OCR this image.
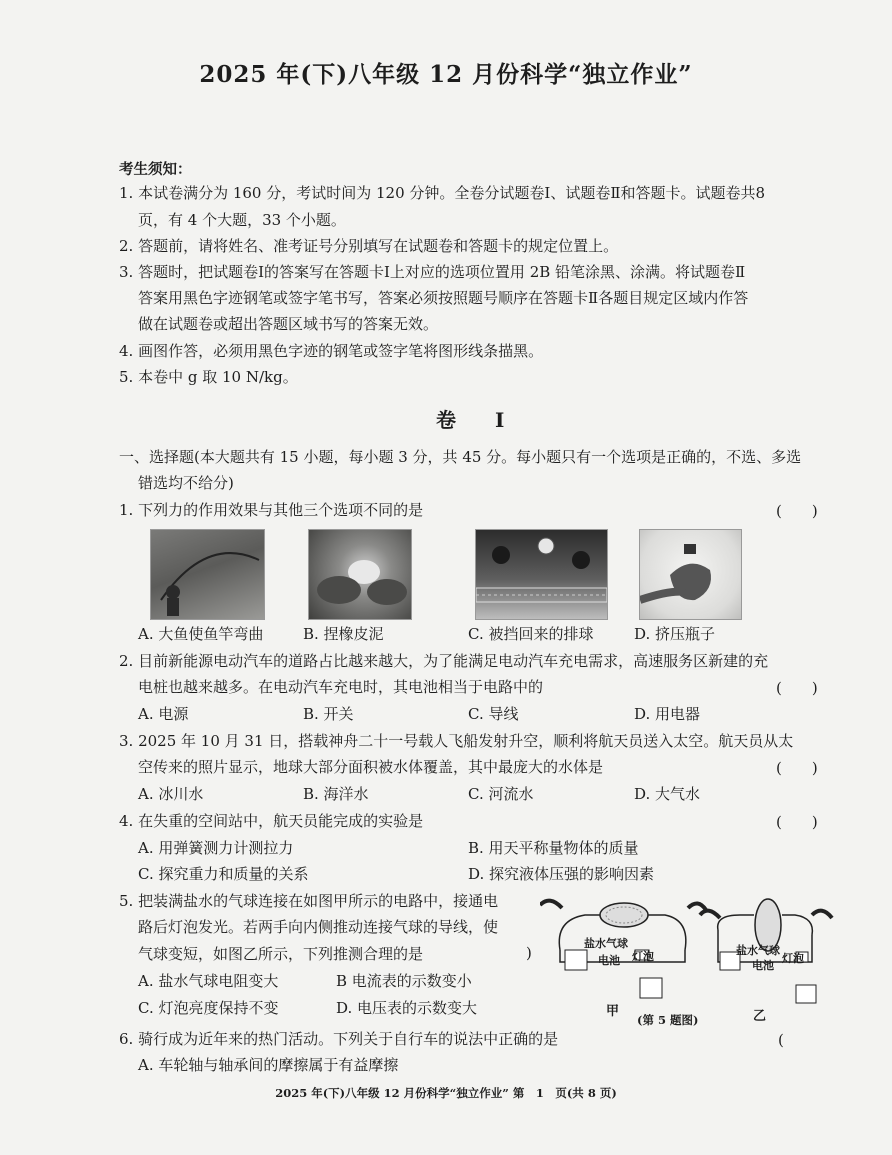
2025 年(下)八年级 12 月份科学“独立作业”
考生须知：
1. 本试卷满分为 160 分，考试时间为 120 分钟。全卷分试题卷Ⅰ、试题卷Ⅱ和答题卡。试题卷共8
页，有 4 个大题，33 个小题。
2. 答题前，请将姓名、准考证号分别填写在试题卷和答题卡的规定位置上。
3. 答题时，把试题卷Ⅰ的答案写在答题卡Ⅰ上对应的选项位置用 2B 铅笔涂黑、涂满。将试题卷Ⅱ
答案用黑色字迹钢笔或签字笔书写，答案必须按照题号顺序在答题卡Ⅱ各题目规定区域内作答
做在试题卷或超出答题区域书写的答案无效。
4. 画图作答，必须用黑色字迹的钢笔或签字笔将图形线条描黑。
5. 本卷中 g 取 10 N/kg。
卷 Ⅰ
一、选择题(本大题共有 15 小题，每小题 3 分，共 45 分。每小题只有一个选项是正确的，不选、多选
错选均不给分)
1. 下列力的作用效果与其他三个选项不同的是	(　　)
A. 大鱼使鱼竿弯曲	B. 捏橡皮泥	C. 被挡回来的排球	D. 挤压瓶子
2. 目前新能源电动汽车的道路占比越来越大，为了能满足电动汽车充电需求，高速服务区新建的充
电桩也越来越多。在电动汽车充电时，其电池相当于电路中的	(　　)
A. 电源	B. 开关	C. 导线	D. 用电器
3. 2025 年 10 月 31 日，搭载神舟二十一号载人飞船发射升空，顺利将航天员送入太空。航天员从太
空传来的照片显示，地球大部分面积被水体覆盖，其中最庞大的水体是	(　　)
A. 冰川水	B. 海洋水	C. 河流水	D. 大气水
4. 在失重的空间站中，航天员能完成的实验是	(　　)
A. 用弹簧测力计测拉力	B. 用天平称量物体的质量
C. 探究重力和质量的关系	D. 探究液体压强的影响因素
5. 把装满盐水的气球连接在如图甲所示的电路中，接通电
路后灯泡发光。若两手向内侧推动连接气球的导线，使
气球变短，如图乙所示，下列推测合理的是	)
A. 盐水气球电阻变大	B 电流表的示数变小
C. 灯泡亮度保持不变	D. 电压表的示数变大
盐水气球
电池 灯泡	盐水气球
电池
灯泡
甲	乙
(第 5 题图)
6. 骑行成为近年来的热门活动。下列关于自行车的说法中正确的是	(
A. 车轮轴与轴承间的摩擦属于有益摩擦
2025 年(下)八年级 12 月份科学“独立作业” 第　1　页(共 8 页)
